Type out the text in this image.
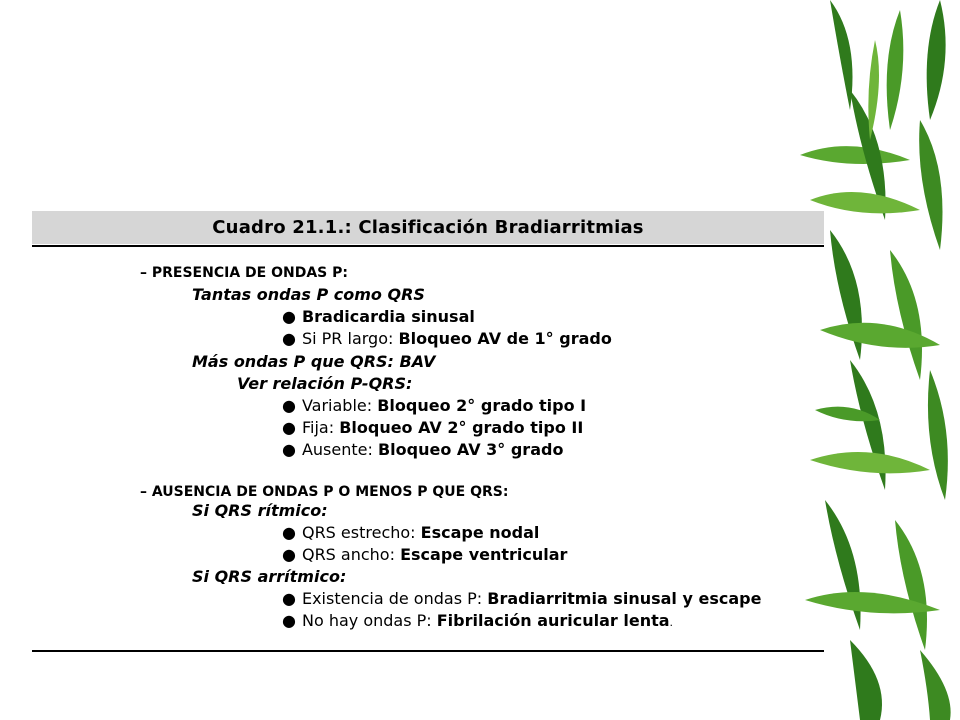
Cuadro 21.1.: Clasificación Bradiarritmias
– PRESENCIA DE ONDAS P:
Tantas ondas P como QRS
● Bradicardia sinusal
● Si PR largo: Bloqueo AV de 1° grado
Más ondas P que QRS: BAV
Ver relación P-QRS:
● Variable: Bloqueo 2° grado tipo I
● Fija: Bloqueo AV 2° grado tipo II
● Ausente: Bloqueo AV 3° grado
– AUSENCIA DE ONDAS P O MENOS P QUE QRS:
Si QRS rítmico:
● QRS estrecho: Escape nodal
● QRS ancho: Escape ventricular
Si QRS arrítmico:
● Existencia de ondas P: Bradiarritmia sinusal y escape
● No hay ondas P: Fibrilación auricular lenta.
